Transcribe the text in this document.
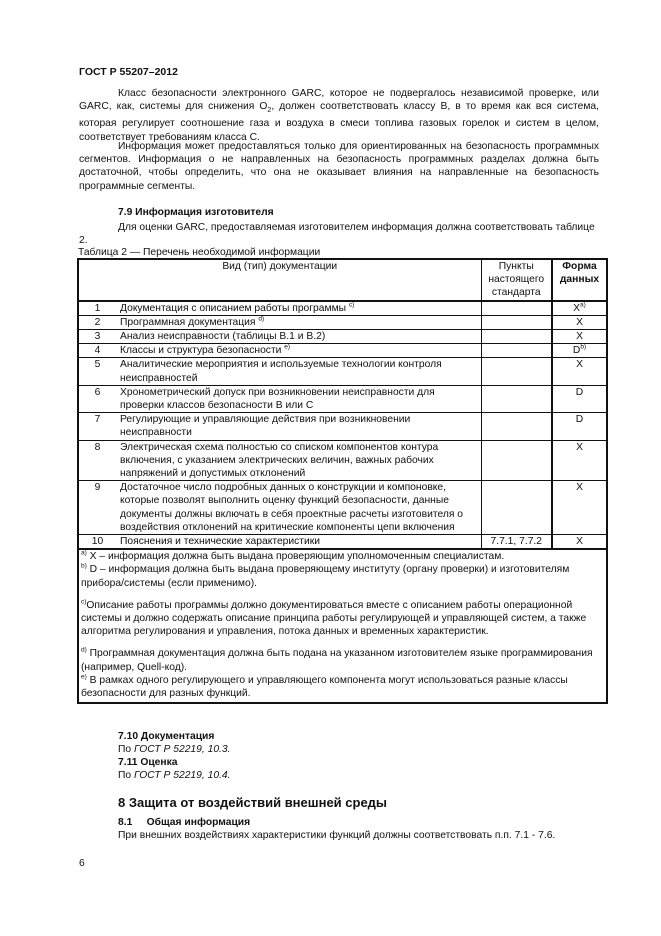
ГОСТ Р 55207–2012
Класс безопасности электронного GARC, которое не подвергалось независимой проверке, или GARC, как, системы для снижения $O_2$, должен соответствовать классу В, в то время как вся система, которая регулирует соотношение газа и воздуха в смеси топлива газовых горелок и систем в целом, соответствует требованиям класса С.
Информация может предоставляться только для ориентированных на безопасность программных сегментов. Информация о не направленных на безопасность программных разделах должна быть достаточной, чтобы определить, что она не оказывает влияния на направленные на безопасность программные сегменты.
7.9 Информация изготовителя
Для оценки GARC, предоставляемая изготовителем информация должна соответствовать таблице 2.
Таблица 2 — Перечень необходимой информации
Вид (тип) документации		Пункты настоящего стандарта	Форма данных
1	Документация с описанием работы программы $^{c)}$		$X^{a)}$
2	Программная документация $^{d)}$		X
3	Анализ неисправности (таблицы В.1 и В.2)		X
4	Классы и структура безопасности $^{e)}$		$D^{b)}$
5	Аналитические мероприятия и используемые технологии контроля неисправностей		X
6	Хронометрический допуск при возникновении неисправности для проверки классов безопасности В или С		D
7	Регулирующие и управляющие действия при возникновении неисправности		D
8	Электрическая схема полностью со списком компонентов контура включения, с указанием электрических величин, важных рабочих напряжений и допустимых отклонений		X
9	Достаточное число подробных данных о конструкции и компоновке, которые позволят выполнить оценку функций безопасности, данные документы должны включать в себя проектные расчеты изготовителя о воздействия отклонений на критические компоненты цепи включения		X
10	Пояснения и технические характеристики	7.7.1, 7.7.2	X
$^{a)}$ X – информация должна быть выдана проверяющим уполномоченным специалистам.
$^{b)}$ D – информация должна быть выдана проверяющему институту (органу проверки) и изготовителям прибора/системы (если применимо).
$^{c)}$Описание работы программы должно документироваться вместе с описанием работы операционной системы и должно содержать описание принципа работы регулирующей и управляющей систем, а также алгоритма регулирования и управления, потока данных и временных характеристик.
$^{d)}$ Программная документация должна быть подана на указанном изготовителем языке программирования (например, Quell-код).
$^{e)}$ В рамках одного регулирующего и управляющего компонента могут использоваться разные классы безопасности для разных функций.
7.10 Документация
По ГОСТ Р 52219, 10.3.
7.11 Оценка
По ГОСТ Р 52219, 10.4.
8 Защита от воздействий внешней среды
8.1     Общая информация
При внешних воздействиях характеристики функций должны соответствовать п.п. 7.1 - 7.6.
6
